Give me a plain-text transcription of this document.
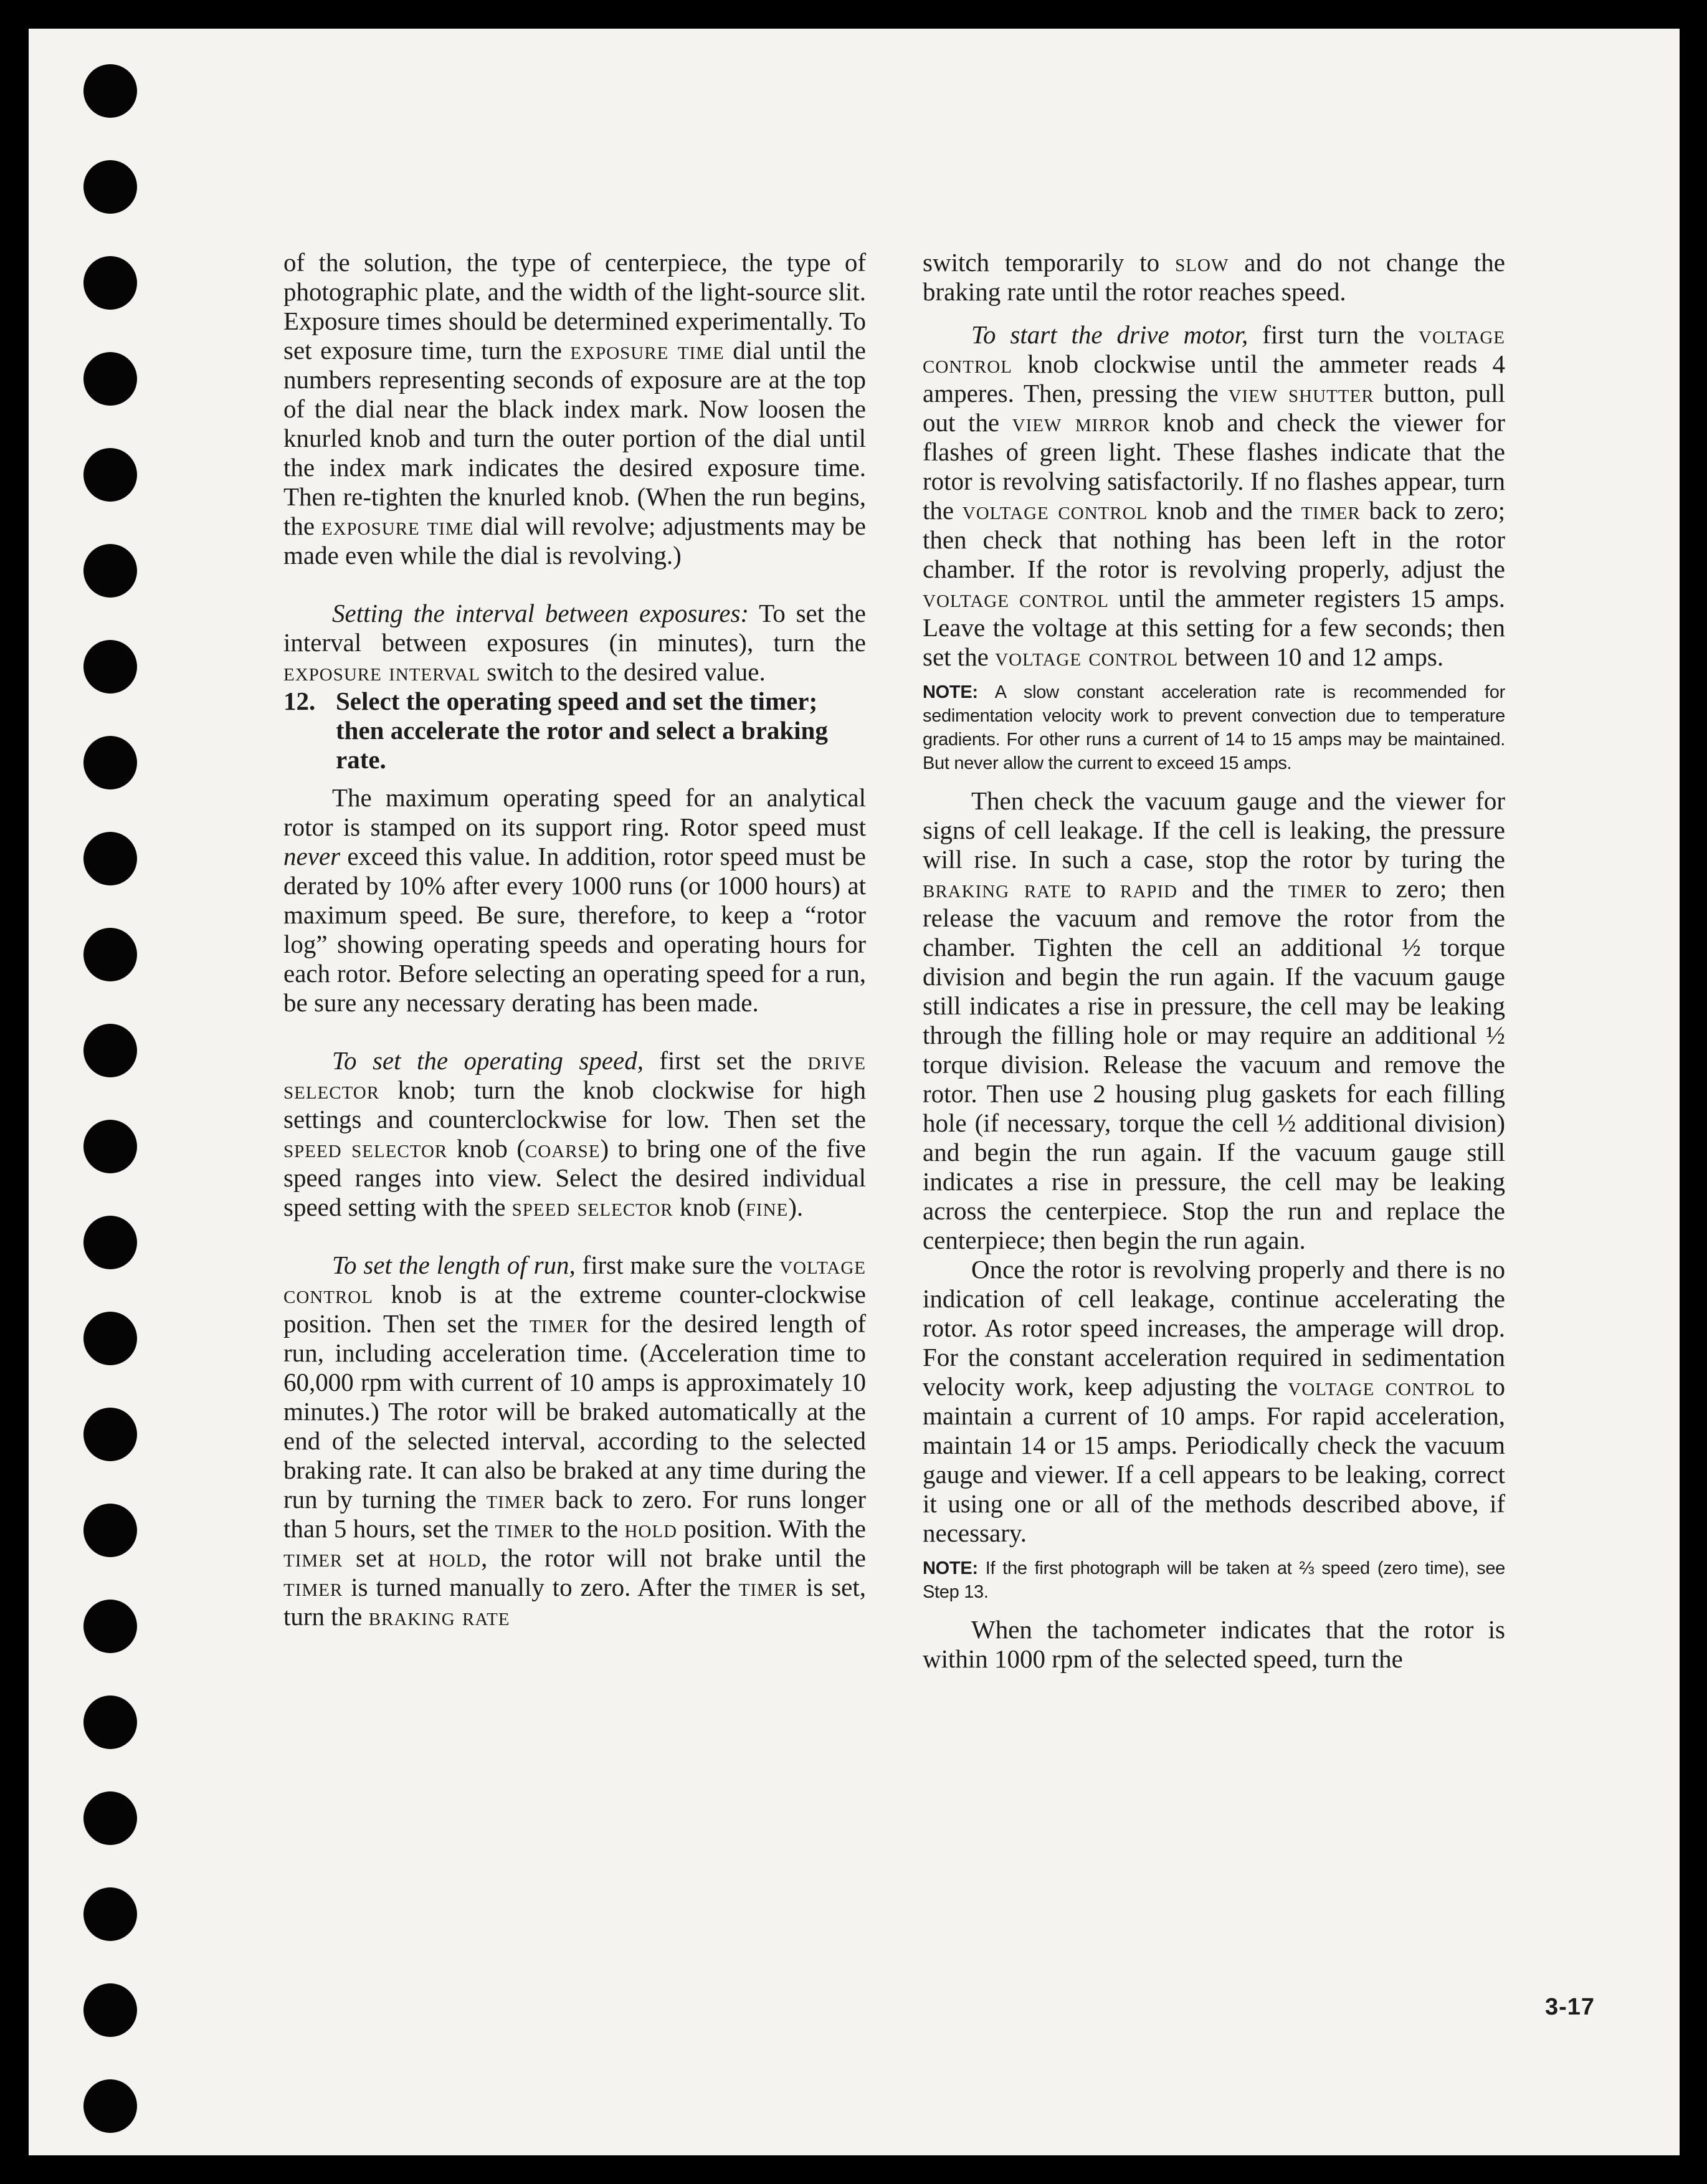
of the solution, the type of centerpiece, the type of photographic plate, and the width of the light-source slit. Exposure times should be determined experimentally. To set exposure time, turn the exposure time dial until the numbers representing seconds of exposure are at the top of the dial near the black index mark. Now loosen the knurled knob and turn the outer portion of the dial until the index mark indicates the desired exposure time. Then re-tighten the knurled knob. (When the run begins, the exposure time dial will revolve; adjustments may be made even while the dial is revolving.)

Setting the interval between exposures: To set the interval between exposures (in minutes), turn the exposure interval switch to the desired value.

12. Select the operating speed and set the timer; then accelerate the rotor and select a braking rate.

The maximum operating speed for an analytical rotor is stamped on its support ring. Rotor speed must never exceed this value. In addition, rotor speed must be derated by 10% after every 1000 runs (or 1000 hours) at maximum speed. Be sure, therefore, to keep a “rotor log” showing operating speeds and operating hours for each rotor. Before selecting an operating speed for a run, be sure any necessary derating has been made.

To set the operating speed, first set the drive selector knob; turn the knob clockwise for high settings and counterclockwise for low. Then set the speed selector knob (coarse) to bring one of the five speed ranges into view. Select the desired individual speed setting with the speed selector knob (fine).

To set the length of run, first make sure the voltage control knob is at the extreme counter-clockwise position. Then set the timer for the desired length of run, including acceleration time. (Acceleration time to 60,000 rpm with current of 10 amps is approximately 10 minutes.) The rotor will be braked automatically at the end of the selected interval, according to the selected braking rate. It can also be braked at any time during the run by turning the timer back to zero. For runs longer than 5 hours, set the timer to the hold position. With the timer set at hold, the rotor will not brake until the timer is turned manually to zero. After the timer is set, turn the braking rate

switch temporarily to slow and do not change the braking rate until the rotor reaches speed.

To start the drive motor, first turn the voltage control knob clockwise until the ammeter reads 4 amperes. Then, pressing the view shutter button, pull out the view mirror knob and check the viewer for flashes of green light. These flashes indicate that the rotor is revolving satisfactorily. If no flashes appear, turn the voltage control knob and the timer back to zero; then check that nothing has been left in the rotor chamber. If the rotor is revolving properly, adjust the voltage control until the ammeter registers 15 amps. Leave the voltage at this setting for a few seconds; then set the voltage control between 10 and 12 amps.

NOTE: A slow constant acceleration rate is recommended for sedimentation velocity work to prevent convection due to temperature gradients. For other runs a current of 14 to 15 amps may be maintained. But never allow the current to exceed 15 amps.

Then check the vacuum gauge and the viewer for signs of cell leakage. If the cell is leaking, the pressure will rise. In such a case, stop the rotor by turing the braking rate to rapid and the timer to zero; then release the vacuum and remove the rotor from the chamber. Tighten the cell an additional ½ torque division and begin the run again. If the vacuum gauge still indicates a rise in pressure, the cell may be leaking through the filling hole or may require an additional ½ torque division. Release the vacuum and remove the rotor. Then use 2 housing plug gaskets for each filling hole (if necessary, torque the cell ½ additional division) and begin the run again. If the vacuum gauge still indicates a rise in pressure, the cell may be leaking across the centerpiece. Stop the run and replace the centerpiece; then begin the run again.

Once the rotor is revolving properly and there is no indication of cell leakage, continue accelerating the rotor. As rotor speed increases, the amperage will drop. For the constant acceleration required in sedimentation velocity work, keep adjusting the voltage control to maintain a current of 10 amps. For rapid acceleration, maintain 14 or 15 amps. Periodically check the vacuum gauge and viewer. If a cell appears to be leaking, correct it using one or all of the methods described above, if necessary.

NOTE: If the first photograph will be taken at ⅔ speed (zero time), see Step 13.

When the tachometer indicates that the rotor is within 1000 rpm of the selected speed, turn the

3-17
